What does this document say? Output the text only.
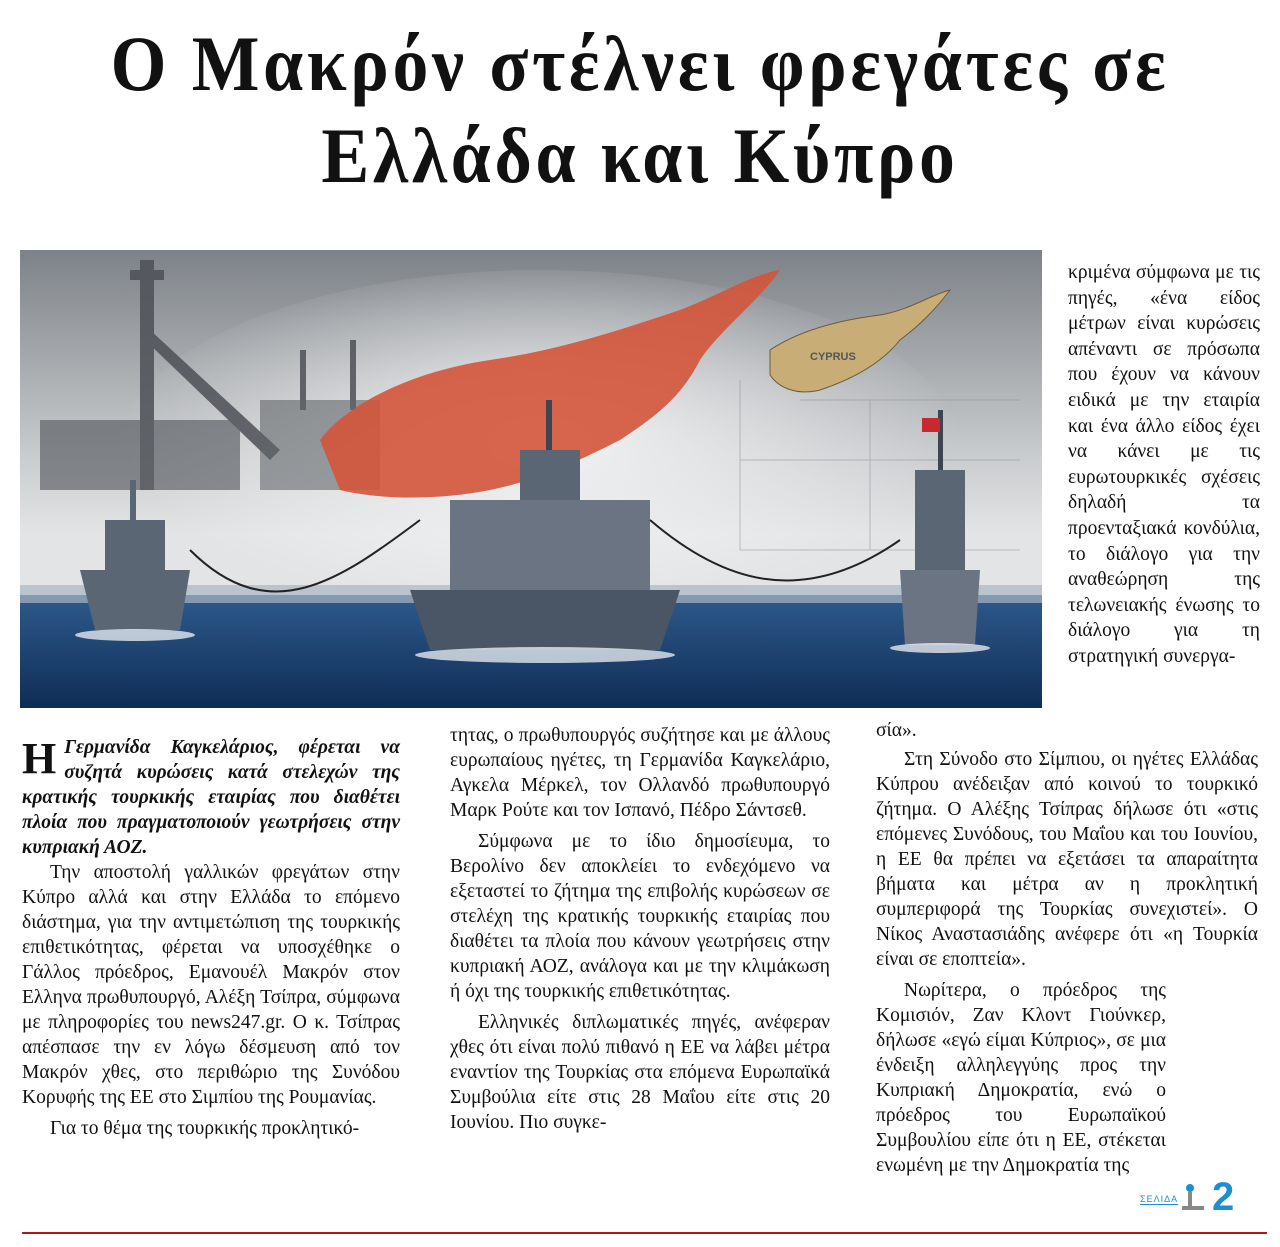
Ο Μακρόν στέλνει φρεγάτες σε
Ελλάδα και Κύπρο
CYPRUS
κριμένα σύμφωνα με τις πηγές, «ένα είδος μέτρων είναι κυρώσεις απέναντι σε πρόσωπα που έχουν να κάνουν ειδικά με την εταιρία και ένα άλλο είδος έχει να κάνει με τις ευρωτουρκικές σχέσεις δηλαδή τα προενταξιακά κονδύλια, το διάλογο για την αναθεώρηση της τελωνειακής ένωσης το διάλογο για τη στρατηγική συνεργα-

Η Γερμανίδα Καγκελάριος, φέρεται να συζητά κυρώσεις κατά στελεχών της κρατικής τουρκικής εταιρίας που διαθέτει πλοία που πραγματοποιούν γεωτρήσεις στην κυπριακή ΑΟΖ.

Την αποστολή γαλλικών φρεγάτων στην Κύπρο αλλά και στην Ελλάδα το επόμενο διάστημα, για την αντιμετώπιση της τουρκικής επιθετικότητας, φέρεται να υποσχέθηκε ο Γάλλος πρόεδρος, Εμανουέλ Μακρόν στον Ελληνα πρωθυπουργό, Αλέξη Τσίπρα, σύμφωνα με πληροφορίες του news247.gr. Ο κ. Τσίπρας απέσπασε την εν λόγω δέσμευση από τον Μακρόν χθες, στο περιθώριο της Συνόδου Κορυφής της ΕΕ στο Σιμπίου της Ρουμανίας.

Για το θέμα της τουρκικής προκλητικό-

τητας, ο πρωθυπουργός συζήτησε και με άλλους ευρωπαίους ηγέτες, τη Γερμανίδα Καγκελάριο, Αγκελα Μέρκελ, τον Ολλανδό πρωθυπουργό Μαρκ Ρούτε και τον Ισπανό, Πέδρο Σάντσεθ.

Σύμφωνα με το ίδιο δημοσίευμα, το Βερολίνο δεν αποκλείει το ενδεχόμενο να εξεταστεί το ζήτημα της επιβολής κυρώσεων σε στελέχη της κρατικής τουρκικής εταιρίας που διαθέτει τα πλοία που κάνουν γεωτρήσεις στην κυπριακή ΑΟΖ, ανάλογα και με την κλιμάκωση ή όχι της τουρκικής επιθετικότητας.

Ελληνικές διπλωματικές πηγές, ανέφεραν χθες ότι είναι πολύ πιθανό η ΕΕ να λάβει μέτρα εναντίον της Τουρκίας στα επόμενα Ευρωπαϊκά Συμβούλια είτε στις 28 Μαΐου είτε στις 20 Ιουνίου. Πιο συγκε-

σία».

Στη Σύνοδο στο Σίμπιου, οι ηγέτες Ελλάδας Κύπρου ανέδειξαν από κοινού το τουρκικό ζήτημα. Ο Αλέξης Τσίπρας δήλωσε ότι «στις επόμενες Συνόδους, του Μαΐου και του Ιουνίου, η ΕΕ θα πρέπει να εξετάσει τα απαραίτητα βήματα και μέτρα αν η προκλητική συμπεριφορά της Τουρκίας συνεχιστεί». Ο Νίκος Αναστασιάδης ανέφερε ότι «η Τουρκία είναι σε εποπτεία».

Νωρίτερα, ο πρόεδρος της Κομισιόν, Ζαν Κλοντ Γιούνκερ, δήλωσε «εγώ είμαι Κύπριος», σε μια ένδειξη αλληλεγγύης προς την Κυπριακή Δημοκρατία, ενώ ο πρόεδρος του Ευρωπαϊκού Συμβουλίου είπε ότι η ΕΕ, στέκεται ενωμένη με την Δημοκρατία της

ΣΕΛΙΔΑ 2
